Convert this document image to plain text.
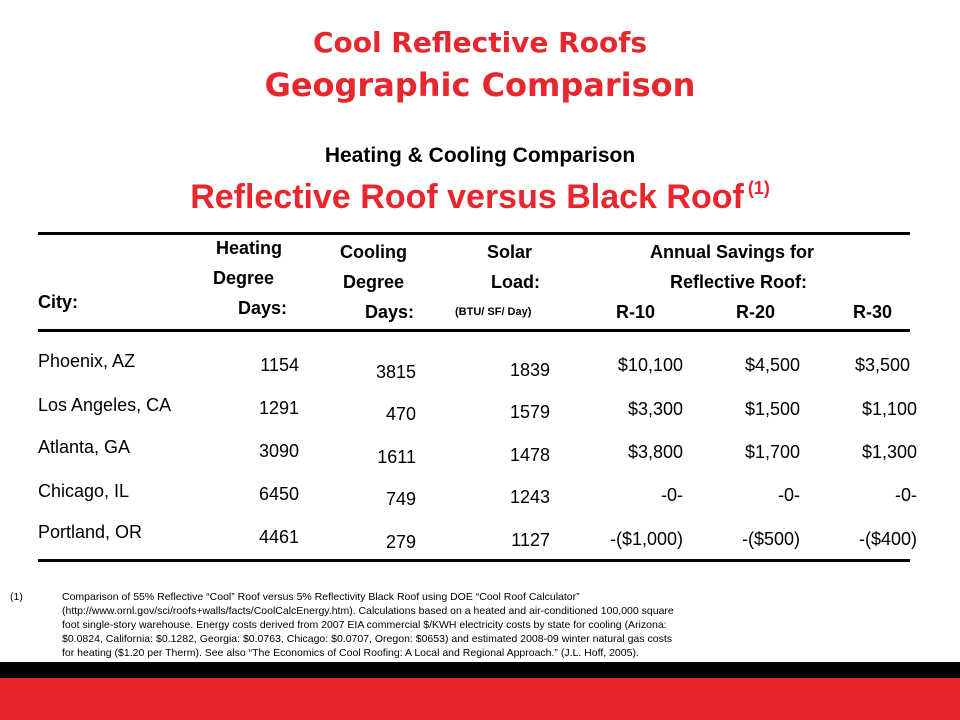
Cool Reflective Roofs
Geographic Comparison
Heating & Cooling Comparison
Reflective Roof versus Black Roof $^{(1)}$
City:
Heating
Degree
Days:
Cooling
Degree
Days:
Solar
Load:
(BTU/ SF/ Day)
Annual Savings for
Reflective Roof:
R-10	R-20	R-30
Phoenix, AZ	1154	3815	1839	$10,100	$4,500	$3,500
Los Angeles, CA	1291	470	1579	$3,300	$1,500	$1,100
Atlanta, GA	3090	1611	1478	$3,800	$1,700	$1,300
Chicago, IL	6450	749	1243	-0-	-0-	-0-
Portland, OR	4461	279	1127	-($1,000)	-($500)	-($400)
(1)	Comparison of 55% Reflective “Cool” Roof versus 5% Reflectivity Black Roof using DOE “Cool Roof Calculator”
(http://www.ornl.gov/sci/roofs+walls/facts/CoolCalcEnergy.htm). Calculations based on a heated and air-conditioned 100,000 square
foot single-story warehouse. Energy costs derived from 2007 EIA commercial $/KWH electricity costs by state for cooling (Arizona:
$0.0824, California: $0.1282, Georgia: $0.0763, Chicago: $0.0707, Oregon: $0653) and estimated 2008-09 winter natural gas costs
for heating ($1.20 per Therm). See also “The Economics of Cool Roofing: A Local and Regional Approach.” (J.L. Hoff, 2005).
